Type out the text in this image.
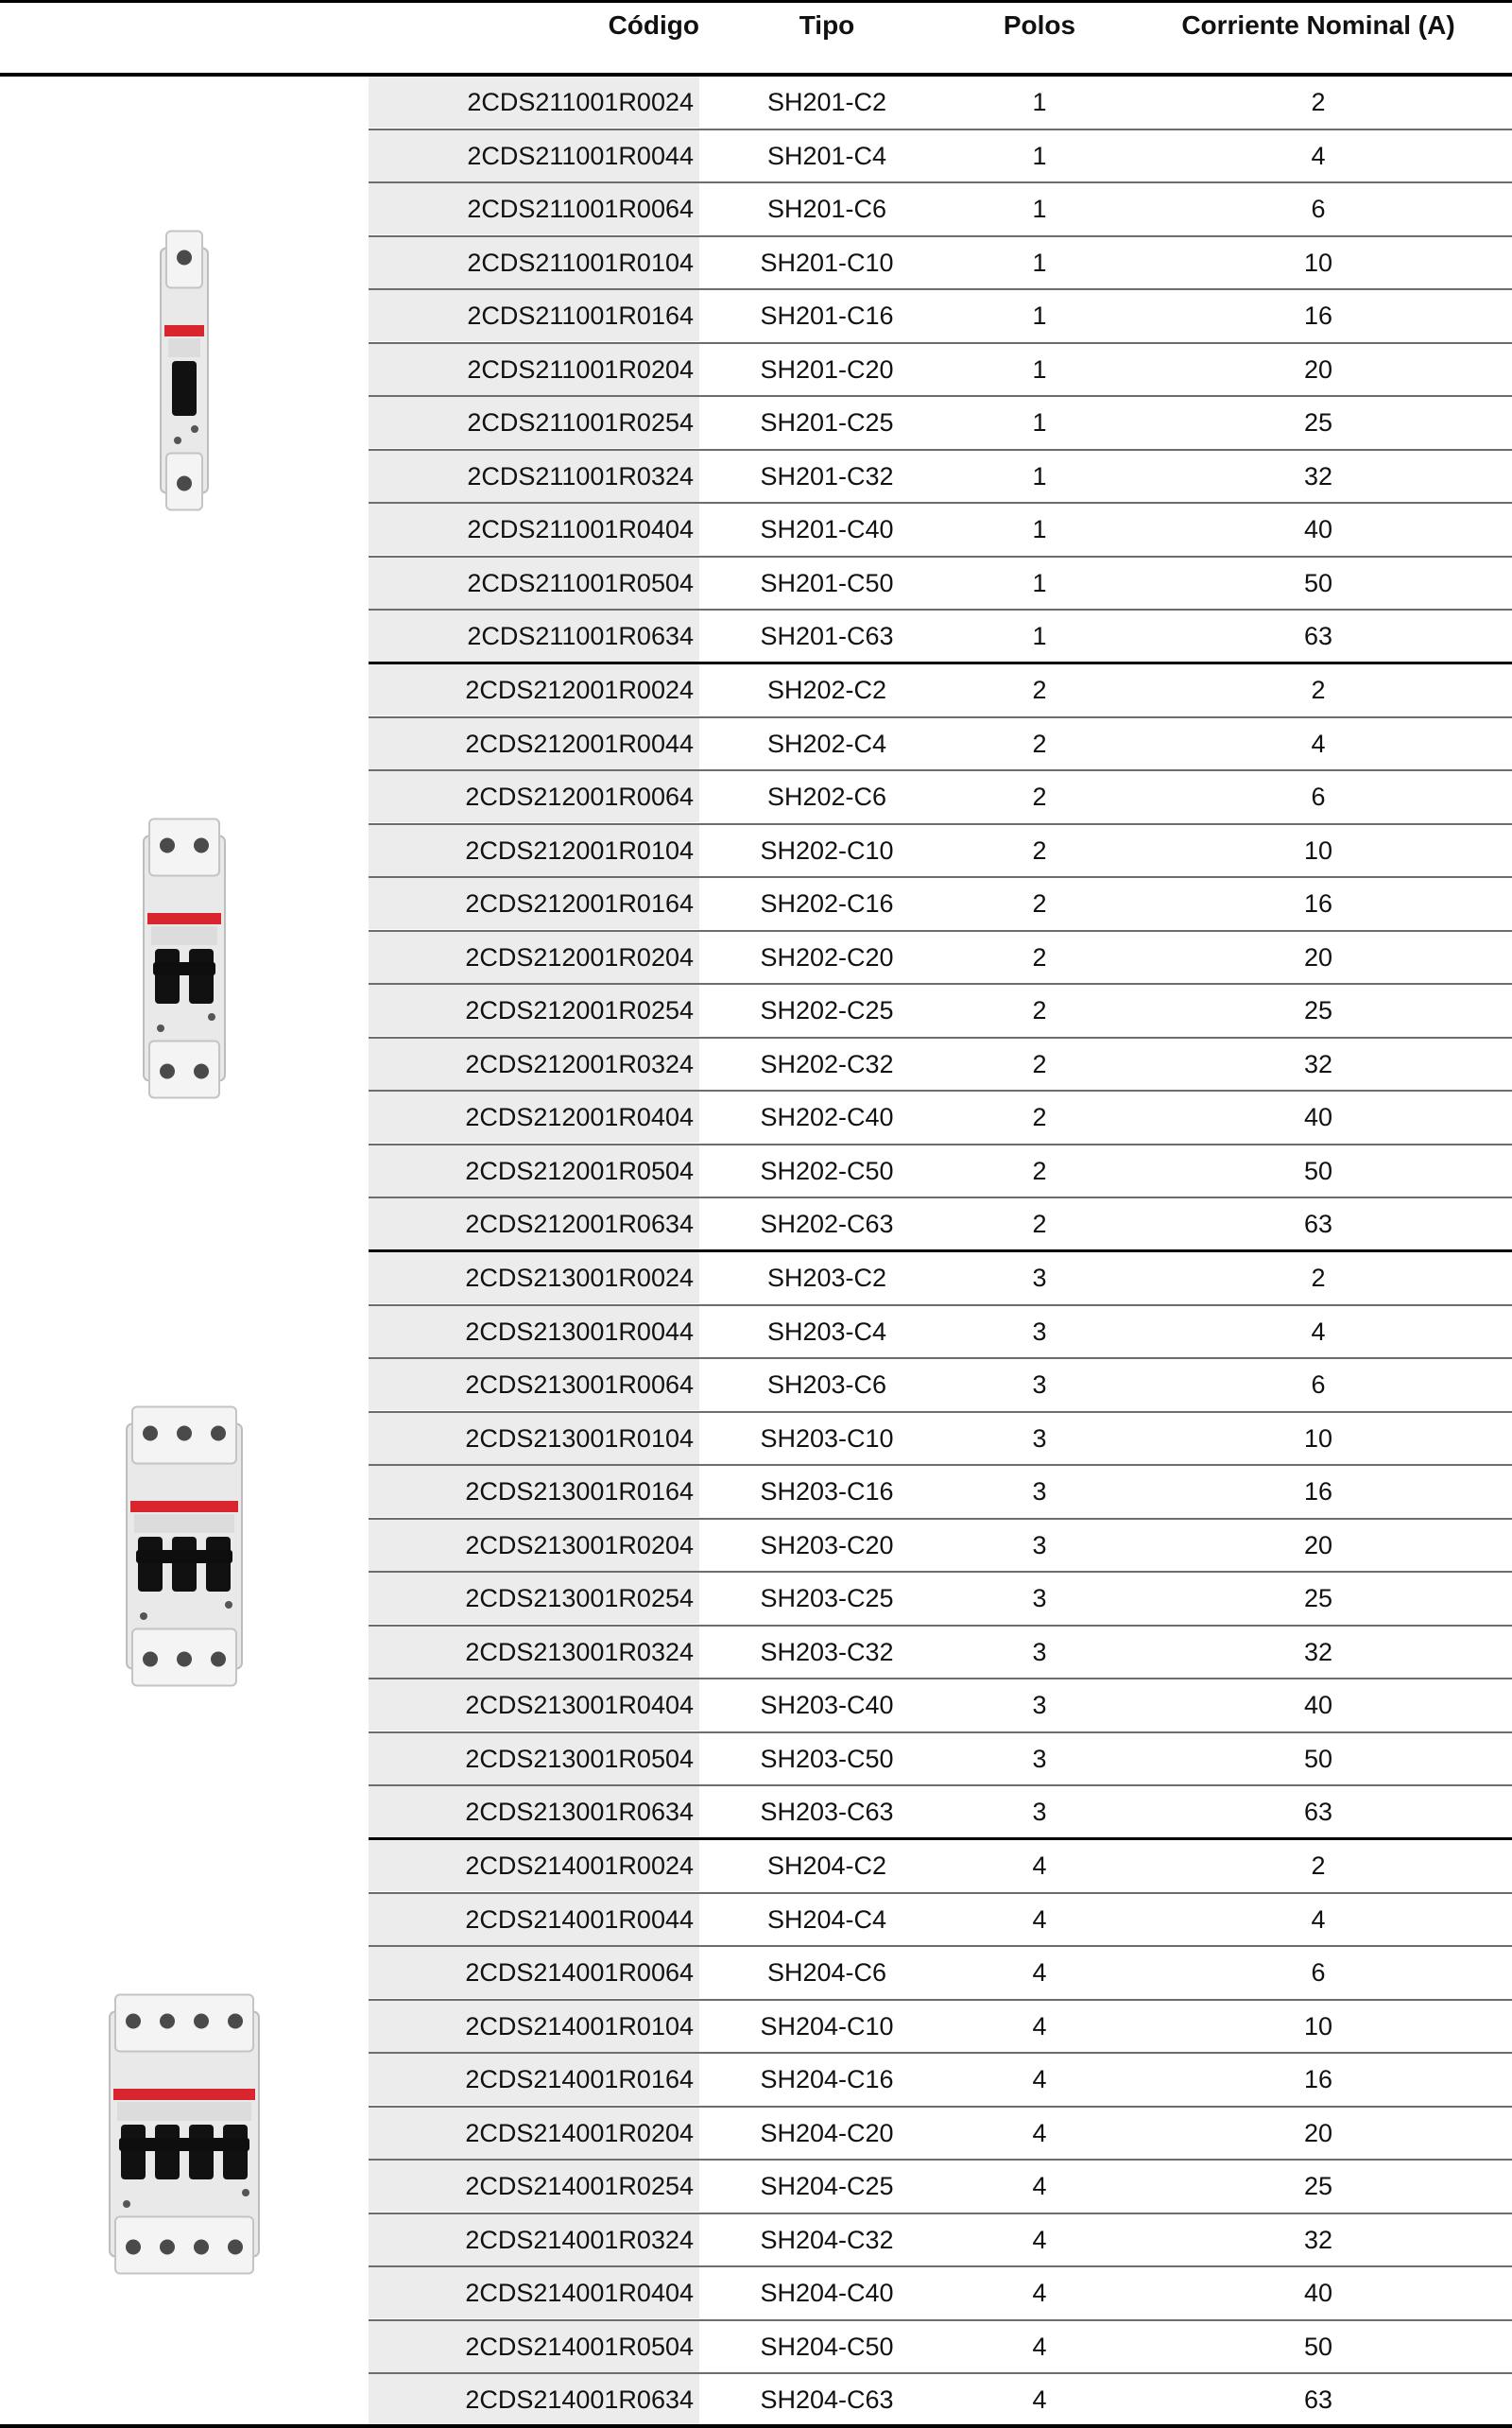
Código	Tipo	Polos	Corriente Nominal (A)
2CDS211001R0024	SH201-C2	1	2
2CDS211001R0044	SH201-C4	1	4
2CDS211001R0064	SH201-C6	1	6
2CDS211001R0104	SH201-C10	1	10
2CDS211001R0164	SH201-C16	1	16
2CDS211001R0204	SH201-C20	1	20
2CDS211001R0254	SH201-C25	1	25
2CDS211001R0324	SH201-C32	1	32
2CDS211001R0404	SH201-C40	1	40
2CDS211001R0504	SH201-C50	1	50
2CDS211001R0634	SH201-C63	1	63
2CDS212001R0024	SH202-C2	2	2
2CDS212001R0044	SH202-C4	2	4
2CDS212001R0064	SH202-C6	2	6
2CDS212001R0104	SH202-C10	2	10
2CDS212001R0164	SH202-C16	2	16
2CDS212001R0204	SH202-C20	2	20
2CDS212001R0254	SH202-C25	2	25
2CDS212001R0324	SH202-C32	2	32
2CDS212001R0404	SH202-C40	2	40
2CDS212001R0504	SH202-C50	2	50
2CDS212001R0634	SH202-C63	2	63
2CDS213001R0024	SH203-C2	3	2
2CDS213001R0044	SH203-C4	3	4
2CDS213001R0064	SH203-C6	3	6
2CDS213001R0104	SH203-C10	3	10
2CDS213001R0164	SH203-C16	3	16
2CDS213001R0204	SH203-C20	3	20
2CDS213001R0254	SH203-C25	3	25
2CDS213001R0324	SH203-C32	3	32
2CDS213001R0404	SH203-C40	3	40
2CDS213001R0504	SH203-C50	3	50
2CDS213001R0634	SH203-C63	3	63
2CDS214001R0024	SH204-C2	4	2
2CDS214001R0044	SH204-C4	4	4
2CDS214001R0064	SH204-C6	4	6
2CDS214001R0104	SH204-C10	4	10
2CDS214001R0164	SH204-C16	4	16
2CDS214001R0204	SH204-C20	4	20
2CDS214001R0254	SH204-C25	4	25
2CDS214001R0324	SH204-C32	4	32
2CDS214001R0404	SH204-C40	4	40
2CDS214001R0504	SH204-C50	4	50
2CDS214001R0634	SH204-C63	4	63
